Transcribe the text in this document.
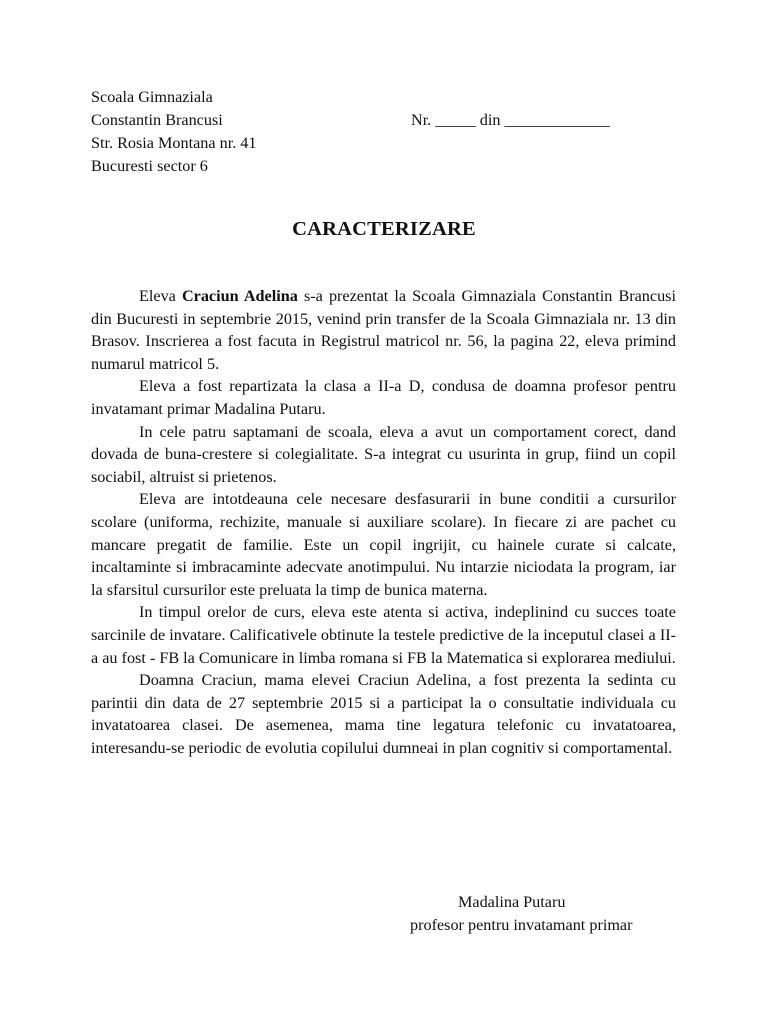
Scoala Gimnaziala
Constantin Brancusi
Str. Rosia Montana nr. 41
Bucuresti sector 6
Nr. _____ din _____________
CARACTERIZARE

Eleva Craciun Adelina s-a prezentat la Scoala Gimnaziala Constantin Brancusi din Bucuresti in septembrie 2015, venind prin transfer de la Scoala Gimnaziala nr. 13 din Brasov. Inscrierea a fost facuta in Registrul matricol nr. 56, la pagina 22, eleva primind numarul matricol 5.

Eleva a fost repartizata la clasa a II-a D, condusa de doamna profesor pentru invatamant primar Madalina Putaru.

In cele patru saptamani de scoala, eleva a avut un comportament corect, dand dovada de buna-crestere si colegialitate. S-a integrat cu usurinta in grup, fiind un copil sociabil, altruist si prietenos.

Eleva are intotdeauna cele necesare desfasurarii in bune conditii a cursurilor scolare (uniforma, rechizite, manuale si auxiliare scolare). In fiecare zi are pachet cu mancare pregatit de familie. Este un copil ingrijit, cu hainele curate si calcate, incaltaminte si imbracaminte adecvate anotimpului. Nu intarzie niciodata la program, iar la sfarsitul cursurilor este preluata la timp de bunica materna.

In timpul orelor de curs, eleva este atenta si activa, indeplinind cu succes toate sarcinile de invatare. Calificativele obtinute la testele predictive de la inceputul clasei a II-a au fost - FB la Comunicare in limba romana si FB la Matematica si explorarea mediului.

Doamna Craciun, mama elevei Craciun Adelina, a fost prezenta la sedinta cu parintii din data de 27 septembrie 2015 si a participat la o consultatie individuala cu invatatoarea clasei. De asemenea, mama tine legatura telefonic cu invatatoarea, interesandu-se periodic de evolutia copilului dumneai in plan cognitiv si comportamental.

Madalina Putaru
profesor pentru invatamant primar
